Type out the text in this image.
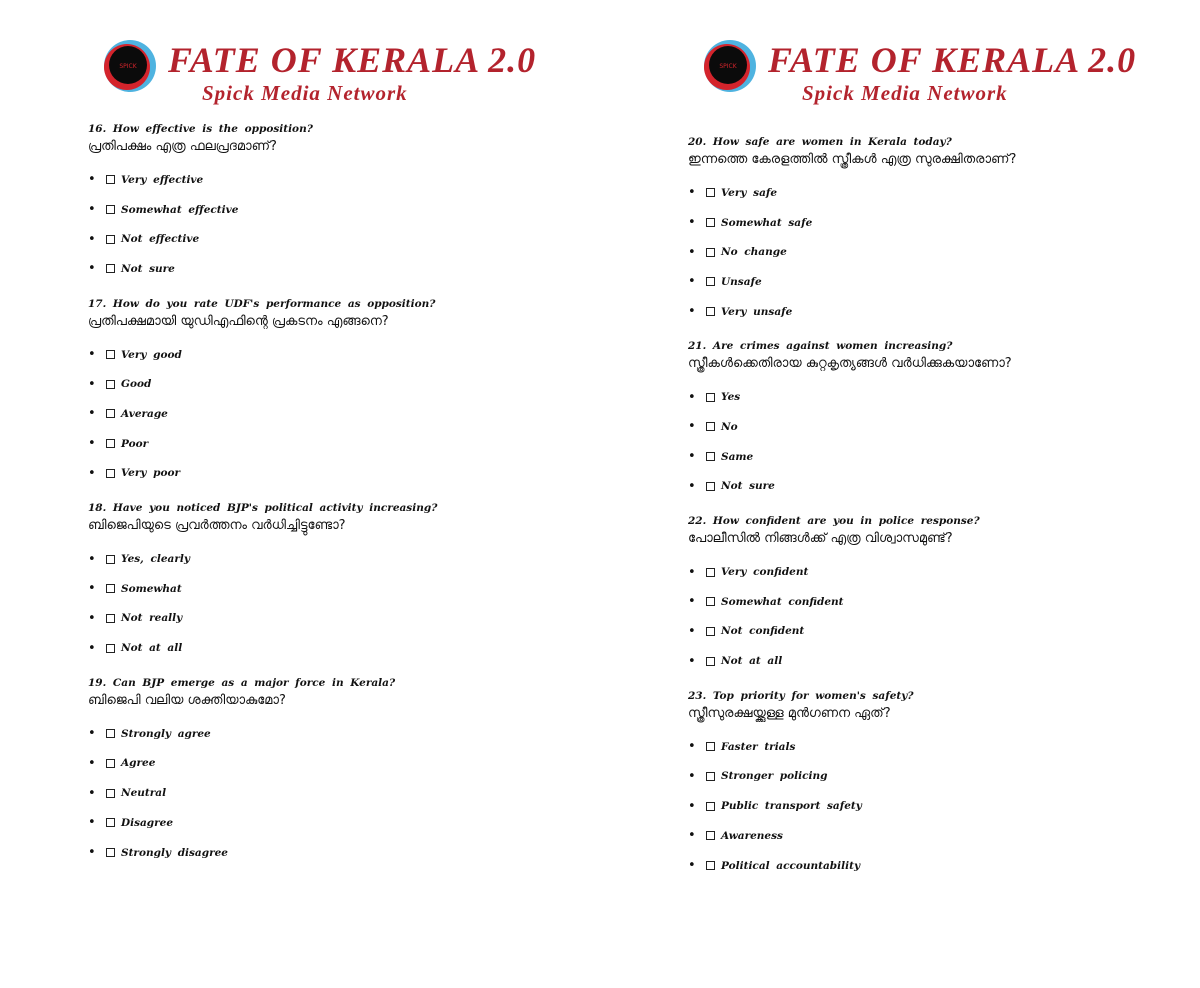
SPICK FATE OF KERALA 2.0
Spick Media Network

16. How effective is the opposition?

പ്രതിപക്ഷം എത്ര ഫലപ്രദമാണ്?

•	Very effective
•	Somewhat effective
•	Not effective
•	Not sure

17. How do you rate UDF's performance as opposition?

പ്രതിപക്ഷമായി യുഡിഎഫിന്റെ പ്രകടനം എങ്ങനെ?

•	Very good
•	Good
•	Average
•	Poor
•	Very poor

18. Have you noticed BJP's political activity increasing?

ബിജെപിയുടെ പ്രവർത്തനം വർധിച്ചിട്ടുണ്ടോ?

•	Yes, clearly
•	Somewhat
•	Not really
•	Not at all

19. Can BJP emerge as a major force in Kerala?

ബിജെപി വലിയ ശക്തിയാകുമോ?

•	Strongly agree
•	Agree
•	Neutral
•	Disagree
•	Strongly disagree
SPICK FATE OF KERALA 2.0
Spick Media Network

20. How safe are women in Kerala today?

ഇന്നത്തെ കേരളത്തിൽ സ്ത്രീകൾ എത്ര സുരക്ഷിതരാണ്?

•	Very safe
•	Somewhat safe
•	No change
•	Unsafe
•	Very unsafe

21. Are crimes against women increasing?

സ്ത്രീകൾക്കെതിരായ കുറ്റകൃത്യങ്ങൾ വർധിക്കുകയാണോ?

•	Yes
•	No
•	Same
•	Not sure

22. How confident are you in police response?

പോലീസിൽ നിങ്ങൾക്ക് എത്ര വിശ്വാസമുണ്ട്?

•	Very confident
•	Somewhat confident
•	Not confident
•	Not at all

23. Top priority for women's safety?

സ്ത്രീസുരക്ഷയ്ക്കുള്ള മുൻഗണന ഏത്?

•	Faster trials
•	Stronger policing
•	Public transport safety
•	Awareness
•	Political accountability
